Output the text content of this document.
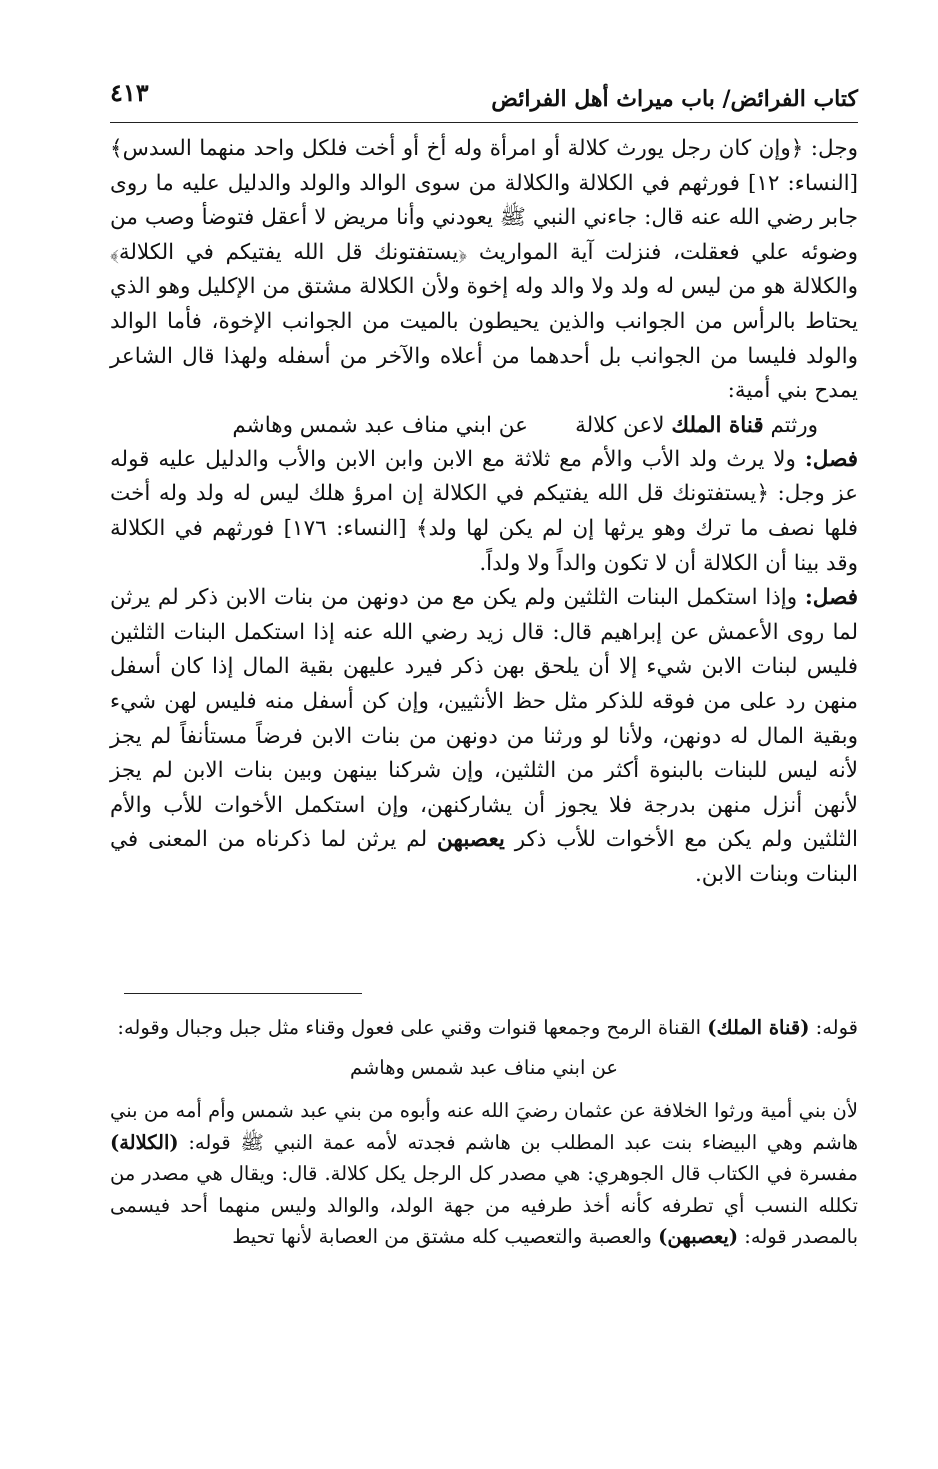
كتاب الفرائض/ باب ميراث أهل الفرائض
٤١٣

وجل: ﴿وإن كان رجل يورث كلالة أو امرأة وله أخ أو أخت فلكل واحد منهما السدس﴾ [النساء: ١٢] فورثهم في الكلالة والكلالة من سوى الوالد والولد والدليل عليه ما روى جابر رضي الله عنه قال: جاءني النبي ﷺ يعودني وأنا مريض لا أعقل فتوضأ وصب من وضوئه علي فعقلت، فنزلت آية المواريث ﴿يستفتونك قل الله يفتيكم في الكلالة﴾ والكلالة هو من ليس له ولد ولا والد وله إخوة ولأن الكلالة مشتق من الإكليل وهو الذي يحتاط بالرأس من الجوانب والذين يحيطون بالميت من الجوانب الإخوة، فأما الوالد والولد فليسا من الجوانب بل أحدهما من أعلاه والآخر من أسفله ولهذا قال الشاعر يمدح بني أمية:

ورثتم قناة الملك لاعن كلالة
عن ابني مناف عبد شمس وهاشم

فصل: ولا يرث ولد الأب والأم مع ثلاثة مع الابن وابن الابن والأب والدليل عليه قوله عز وجل: ﴿يستفتونك قل الله يفتيكم في الكلالة إن امرؤ هلك ليس له ولد وله أخت فلها نصف ما ترك وهو يرثها إن لم يكن لها ولد﴾ [النساء: ١٧٦] فورثهم في الكلالة وقد بينا أن الكلالة أن لا تكون والداً ولا ولداً.

فصل: وإذا استكمل البنات الثلثين ولم يكن مع من دونهن من بنات الابن ذكر لم يرثن لما روى الأعمش عن إبراهيم قال: قال زيد رضي الله عنه إذا استكمل البنات الثلثين فليس لبنات الابن شيء إلا أن يلحق بهن ذكر فيرد عليهن بقية المال إذا كان أسفل منهن رد على من فوقه للذكر مثل حظ الأنثيين، وإن كن أسفل منه فليس لهن شيء وبقية المال له دونهن، ولأنا لو ورثنا من دونهن من بنات الابن فرضاً مستأنفاً لم يجز لأنه ليس للبنات بالبنوة أكثر من الثلثين، وإن شركنا بينهن وبين بنات الابن لم يجز لأنهن أنزل منهن بدرجة فلا يجوز أن يشاركنهن، وإن استكمل الأخوات للأب والأم الثلثين ولم يكن مع الأخوات للأب ذكر يعصبهن لم يرثن لما ذكرناه من المعنى في البنات وبنات الابن.

قوله: (قناة الملك) القناة الرمح وجمعها قنوات وقني على فعول وقناء مثل جبل وجبال وقوله:

عن ابني مناف عبد شمس وهاشم

لأن بني أمية ورثوا الخلافة عن عثمان رضيَ الله عنه وأبوه من بني عبد شمس وأم أمه من بني هاشم وهي البيضاء بنت عبد المطلب بن هاشم فجدته لأمه عمة النبي ﷺ قوله: (الكلالة) مفسرة في الكتاب قال الجوهري: هي مصدر كل الرجل يكل كلالة. قال: ويقال هي مصدر من تكلله النسب أي تطرفه كأنه أخذ طرفيه من جهة الولد، والوالد وليس منهما أحد فيسمى بالمصدر قوله: (يعصبهن) والعصبة والتعصيب كله مشتق من العصابة لأنها تحيط
